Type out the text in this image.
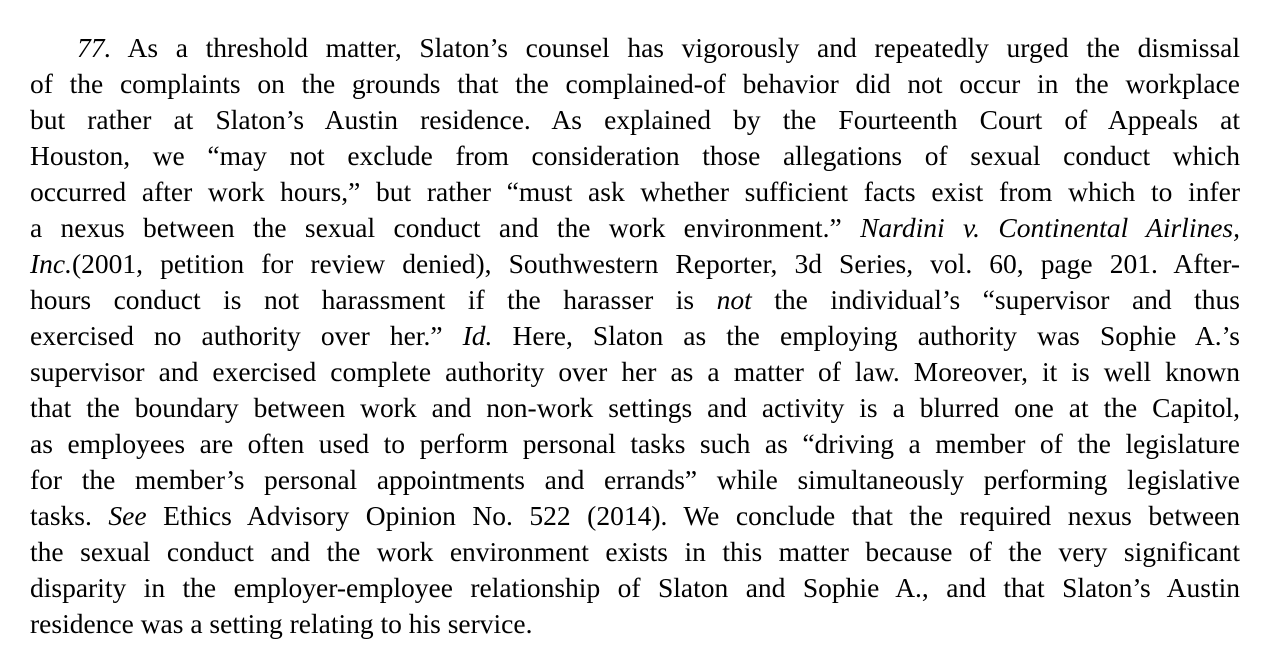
77. As a threshold matter, Slaton’s counsel has vigorously and repeatedly urged the dismissal
of the complaints on the grounds that the complained-of behavior did not occur in the workplace
but rather at Slaton’s Austin residence. As explained by the Fourteenth Court of Appeals at
Houston, we “may not exclude from consideration those allegations of sexual conduct which
occurred after work hours,” but rather “must ask whether sufficient facts exist from which to infer
a nexus between the sexual conduct and the work environment.” Nardini v. Continental Airlines,
Inc.(2001, petition for review denied), Southwestern Reporter, 3d Series, vol. 60, page 201. After-
hours conduct is not harassment if the harasser is not the individual’s “supervisor and thus
exercised no authority over her.” Id. Here, Slaton as the employing authority was Sophie A.’s
supervisor and exercised complete authority over her as a matter of law. Moreover, it is well known
that the boundary between work and non-work settings and activity is a blurred one at the Capitol,
as employees are often used to perform personal tasks such as “driving a member of the legislature
for the member’s personal appointments and errands” while simultaneously performing legislative
tasks. See Ethics Advisory Opinion No. 522 (2014). We conclude that the required nexus between
the sexual conduct and the work environment exists in this matter because of the very significant
disparity in the employer-employee relationship of Slaton and Sophie A., and that Slaton’s Austin
residence was a setting relating to his service.
